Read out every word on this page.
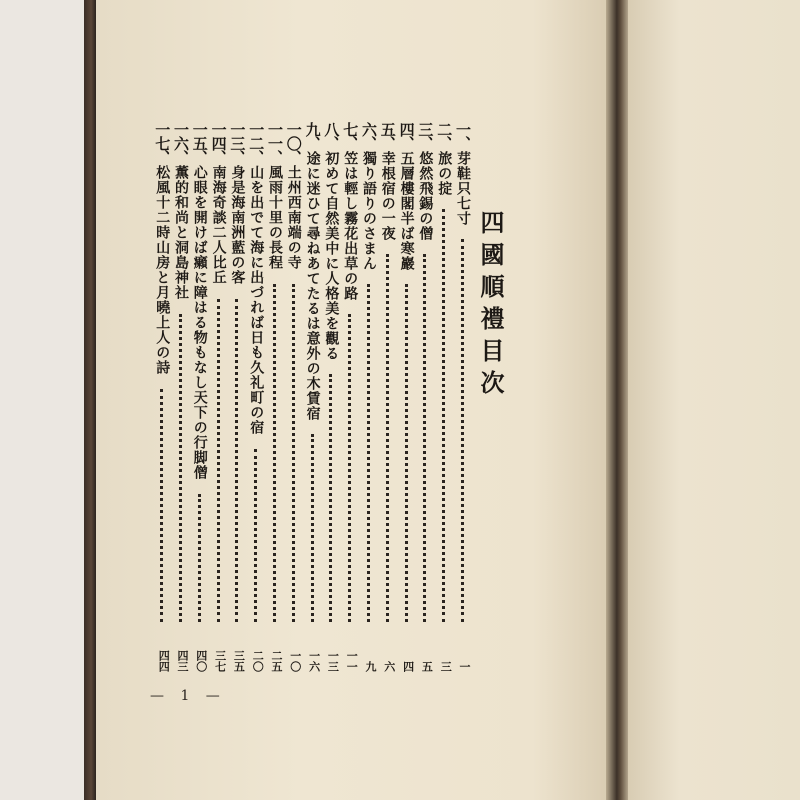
四國順禮目次
一、芽鞋只七寸
一
二、旅の掟
三
三、悠然飛錫の僧
五
四、五層樓閣半ば寒巖
四
五、幸根宿の一夜
六
六、獨り語りのさまん
九
七、笠は輕し霧花出草の路
一一
八、初めて自然美中に人格美を觀る
一三
九、途に迷ひて尋ねあてたるは意外の木賃宿
一六
一〇、土州西南端の寺
一〇
一一、風雨十里の長程
二五
一二、山を出でて海に出づれば日も久礼町の宿
二〇
一三、身是海南洲藍の客
三五
一四、南海奇談二人比丘
三七
一五、心眼を開けば癩に障はる物もなし天下の行脚僧
四〇
一六、薫的和尚と洞島神社
四三
一七、松風十二時山房と月曉上人の詩
四四
— 1 —
